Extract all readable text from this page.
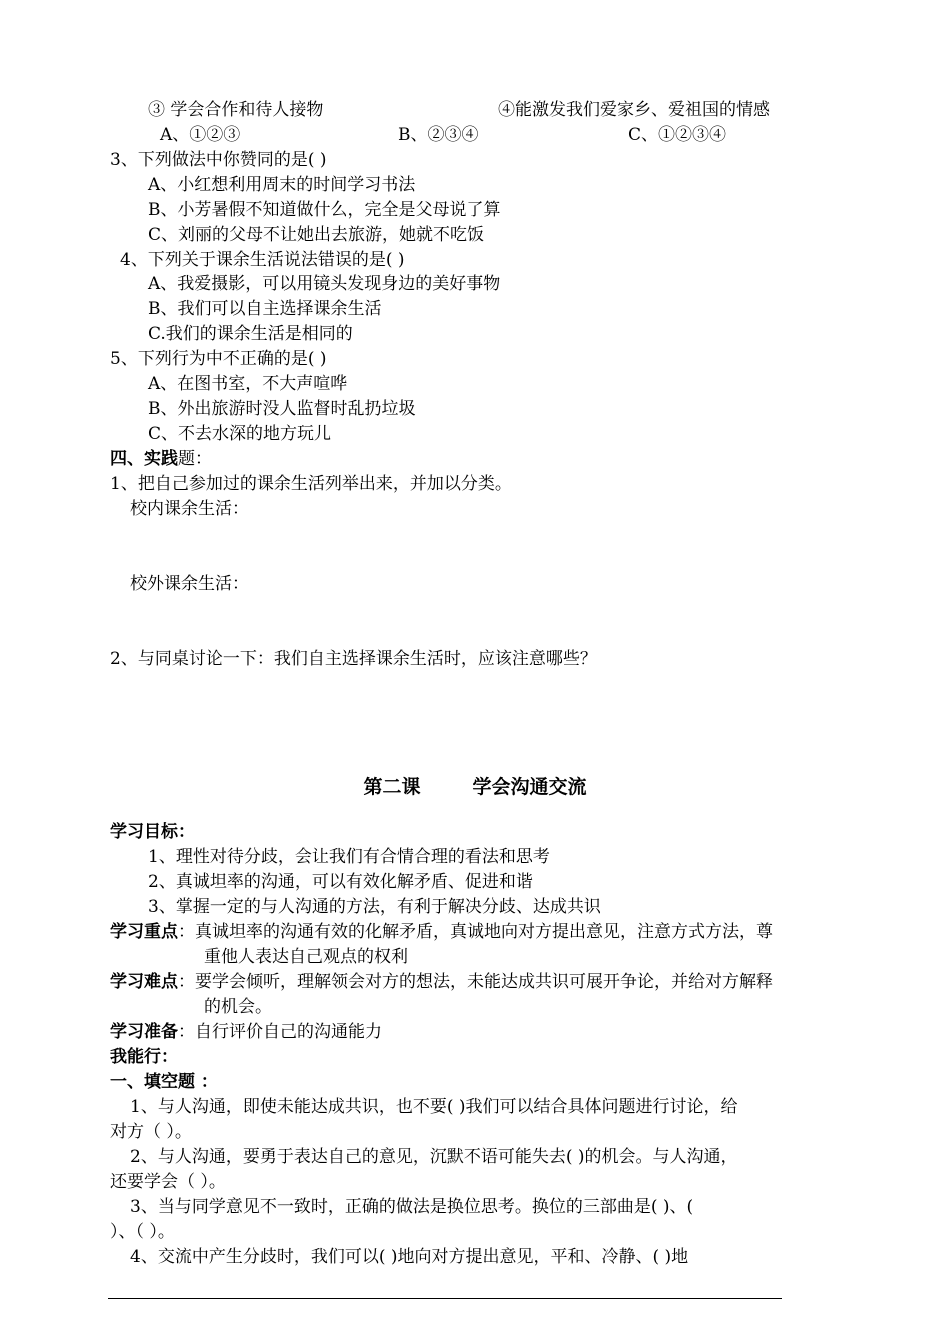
③ 学会合作和待人接物	④能激发我们爱家乡、爱祖国的情感
A、①②③	B、②③④	C、①②③④
3、下列做法中你赞同的是( )
A、小红想利用周末的时间学习书法
B、小芳暑假不知道做什么，完全是父母说了算
C、刘丽的父母不让她出去旅游，她就不吃饭
4、下列关于课余生活说法错误的是( )
A、我爱摄影，可以用镜头发现身边的美好事物
B、我们可以自主选择课余生活
C.我们的课余生活是相同的
5、下列行为中不正确的是( )
A、在图书室，不大声喧哗
B、外出旅游时没人监督时乱扔垃圾
C、不去水深的地方玩儿
四、实践题：
1、把自己参加过的课余生活列举出来，并加以分类。
校内课余生活：
校外课余生活：
2、与同桌讨论一下：我们自主选择课余生活时，应该注意哪些？
第二课	学会沟通交流
学习目标：
1、理性对待分歧，会让我们有合情合理的看法和思考
2、真诚坦率的沟通，可以有效化解矛盾、促进和谐
3、掌握一定的与人沟通的方法，有利于解决分歧、达成共识
学习重点：真诚坦率的沟通有效的化解矛盾，真诚地向对方提出意见，注意方式方法，尊
重他人表达自己观点的权利
学习难点：要学会倾听，理解领会对方的想法，未能达成共识可展开争论，并给对方解释
的机会。
学习准备：自行评价自己的沟通能力
我能行：
一、填空题 ：
1、与人沟通，即使未能达成共识，也不要( )我们可以结合具体问题进行讨论，给
对方（ ）。
2、与人沟通，要勇于表达自己的意见，沉默不语可能失去( )的机会。与人沟通，
还要学会（ ）。
3、当与同学意见不一致时，正确的做法是换位思考。换位的三部曲是( )、(
）、（ ）。
4、交流中产生分歧时，我们可以( )地向对方提出意见，平和、冷静、( )地
